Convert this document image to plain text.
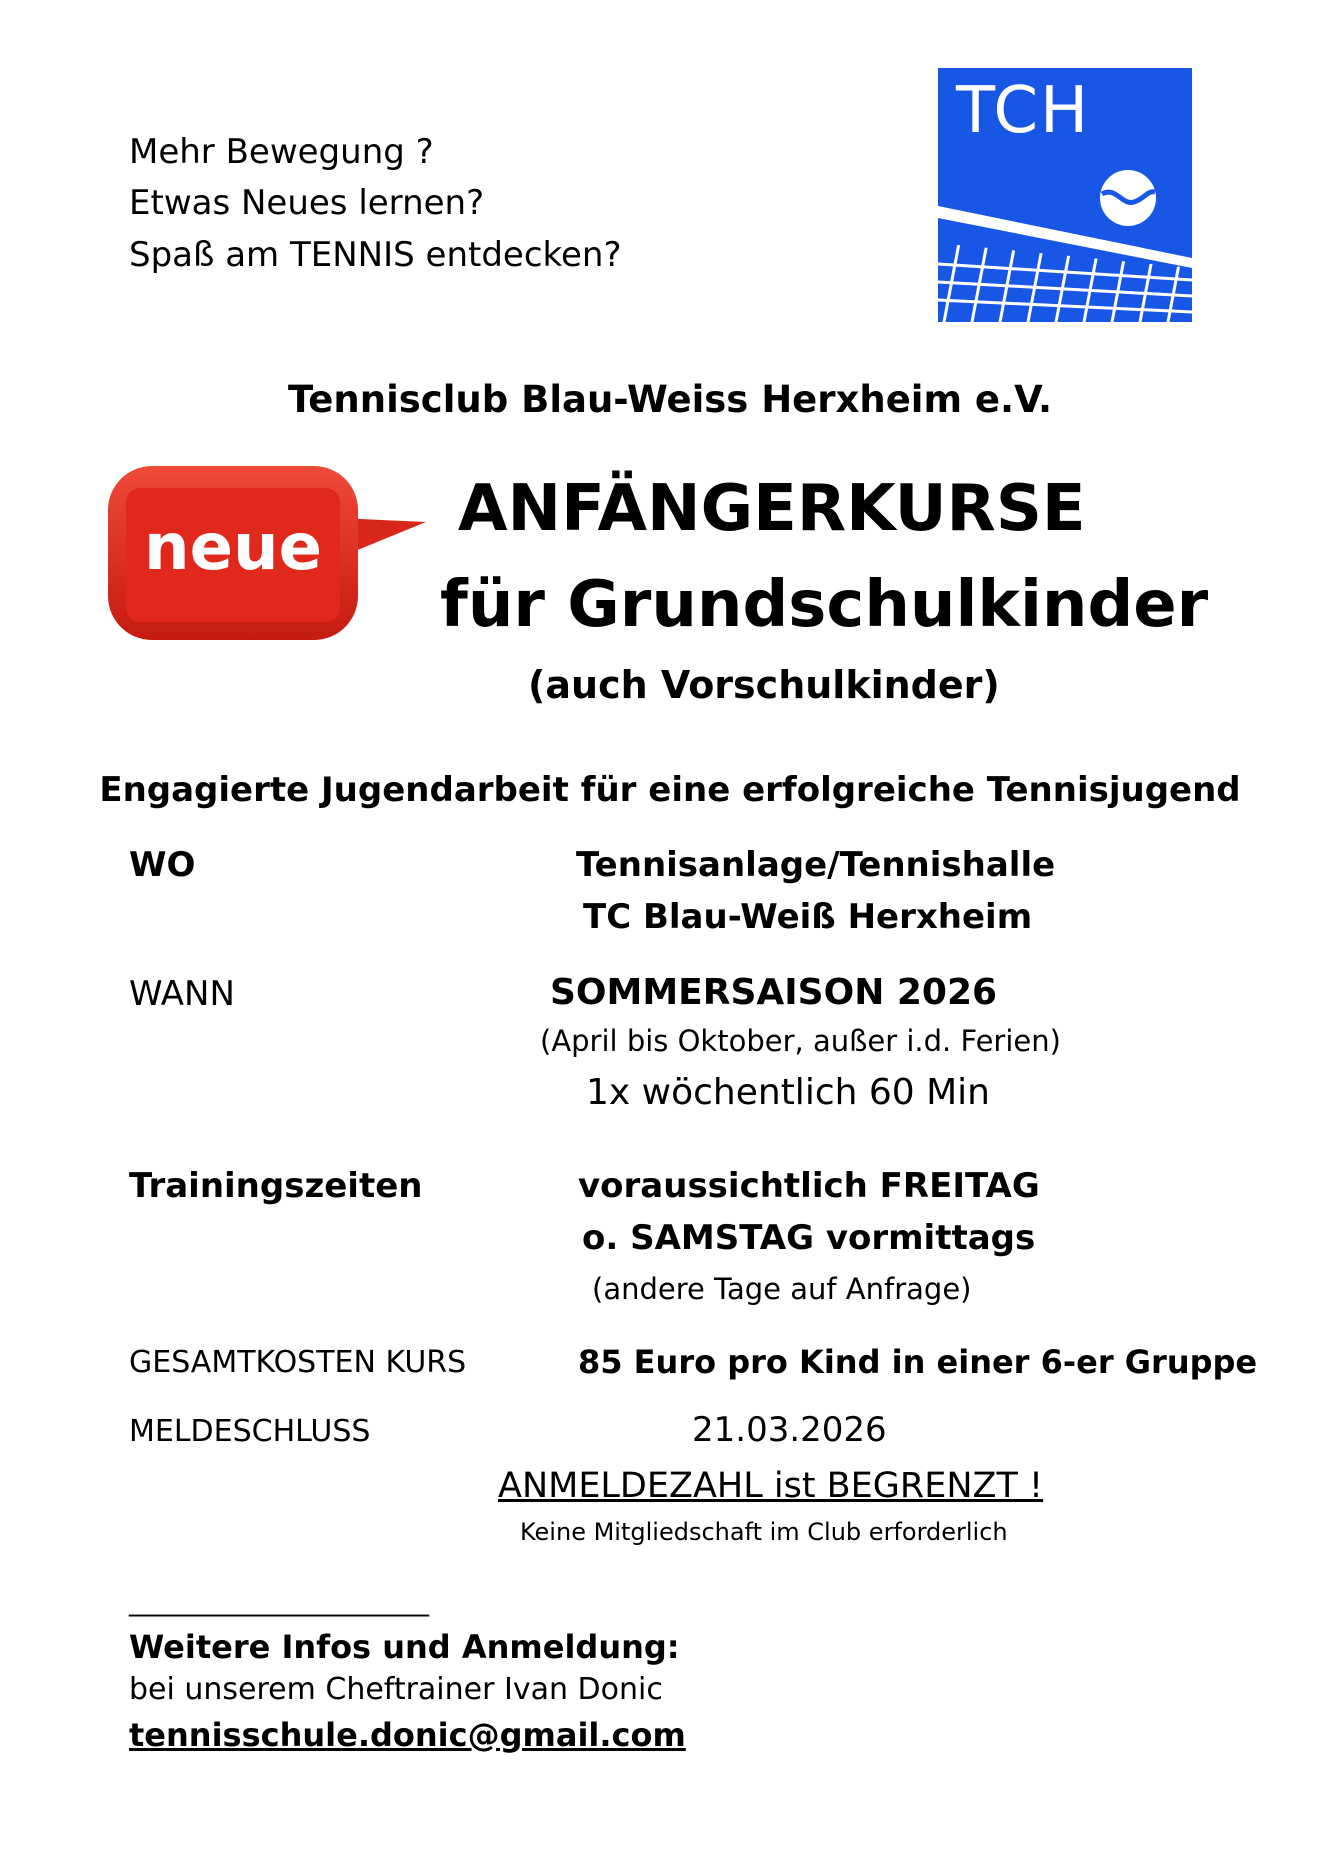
Mehr Bewegung ?
Etwas Neues lernen?
Spaß am TENNIS entdecken?
TCH
Tennisclub Blau-Weiss Herxheim e.V.
neue
ANFÄNGERKURSE
für Grundschulkinder
(auch Vorschulkinder)
Engagierte Jugendarbeit für eine erfolgreiche Tennisjugend
WO	Tennisanlage/Tennishalle
TC Blau-Weiß Herxheim
WANN	SOMMERSAISON 2026
(April bis Oktober, außer i.d. Ferien)
1x wöchentlich 60 Min
Trainingszeiten	voraussichtlich FREITAG
o. SAMSTAG vormittags
(andere Tage auf Anfrage)
GESAMTKOSTEN KURS	85 Euro pro Kind in einer 6-er Gruppe
MELDESCHLUSS	21.03.2026
ANMELDEZAHL ist BEGRENZT !
Keine Mitgliedschaft im Club erforderlich
_______________________
Weitere Infos und Anmeldung:
bei unserem Cheftrainer Ivan Donic
tennisschule.donic@gmail.com
